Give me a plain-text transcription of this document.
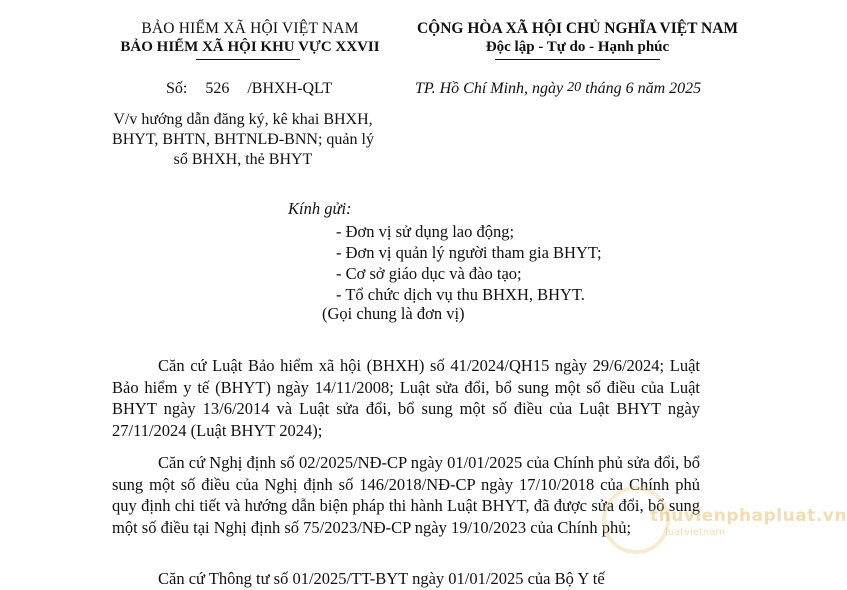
BẢO HIỂM XÃ HỘI VIỆT NAM
BẢO HIỂM XÃ HỘI KHU VỰC XXVII
CỘNG HÒA XÃ HỘI CHỦ NGHĨA VIỆT NAM
Độc lập - Tự do - Hạnh phúc
Số: 526 /BHXH-QLT	TP. Hồ Chí Minh, ngày 20 tháng 6 năm 2025
V/v hướng dẫn đăng ký, kê khai BHXH, BHYT, BHTN, BHTNLĐ-BNN; quản lý sổ BHXH, thẻ BHYT
Kính gửi:
- Đơn vị sử dụng lao động;
- Đơn vị quản lý người tham gia BHYT;
- Cơ sở giáo dục và đào tạo;
- Tổ chức dịch vụ thu BHXH, BHYT.
(Gọi chung là đơn vị)
Căn cứ Luật Bảo hiểm xã hội (BHXH) số 41/2024/QH15 ngày 29/6/2024; Luật Bảo hiểm y tế (BHYT) ngày 14/11/2008; Luật sửa đổi, bổ sung một số điều của Luật BHYT ngày 13/6/2014 và Luật sửa đổi, bổ sung một số điều của Luật BHYT ngày 27/11/2024 (Luật BHYT 2024);
Căn cứ Nghị định số 02/2025/NĐ-CP ngày 01/01/2025 của Chính phủ sửa đổi, bổ sung một số điều của Nghị định số 146/2018/NĐ-CP ngày 17/10/2018 của Chính phủ quy định chi tiết và hướng dẫn biện pháp thi hành Luật BHYT, đã được sửa đổi, bổ sung một số điều tại Nghị định số 75/2023/NĐ-CP ngày 19/10/2023 của Chính phủ;
Căn cứ Thông tư số 01/2025/TT-BYT ngày 01/01/2025 của Bộ Y tế
thuvienphapluat.vn
luatvietnam
